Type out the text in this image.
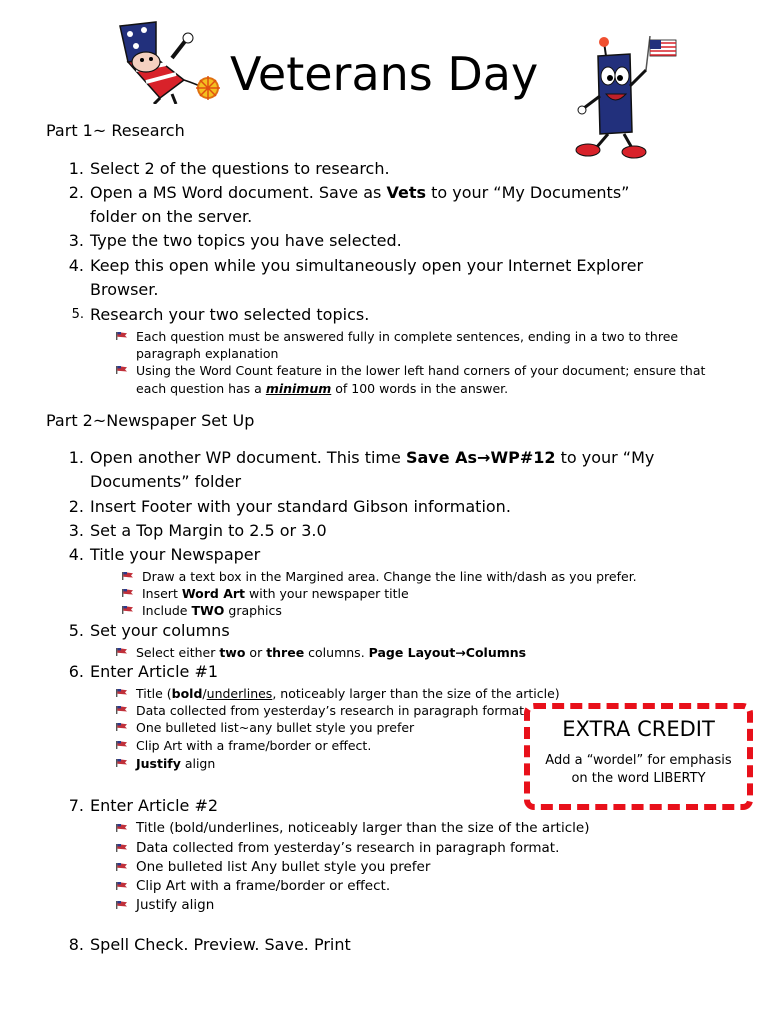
Veterans Day
Part 1~ Research
1. Select 2 of the questions to research.
2. Open a MS Word document. Save as Vets to your “My Documents”
folder on the server.
3. Type the two topics you have selected.
4. Keep this open while you simultaneously open your Internet Explorer
Browser.
5. Research your two selected topics.
Each question must be answered fully in complete sentences, ending in a two to three
paragraph explanation
Using the Word Count feature in the lower left hand corners of your document; ensure that
each question has a minimum of 100 words in the answer.
Part 2~Newspaper Set Up
1. Open another WP document. This time Save As→WP#12 to your “My
Documents” folder
2. Insert Footer with your standard Gibson information.
3. Set a Top Margin to 2.5 or 3.0
4. Title your Newspaper
Draw a text box in the Margined area. Change the line with/dash as you prefer.
Insert Word Art with your newspaper title
Include TWO graphics
5. Set your columns
Select either two or three columns. Page Layout→Columns
6. Enter Article #1
Title (bold/underlines, noticeably larger than the size of the article)
Data collected from yesterday’s research in paragraph format
One bulleted list~any bullet style you prefer
Clip Art with a frame/border or effect.
Justify align
EXTRA CREDIT
Add a “wordel” for emphasis
on the word LIBERTY
7. Enter Article #2
Title (bold/underlines, noticeably larger than the size of the article)
Data collected from yesterday’s research in paragraph format.
One bulleted list Any bullet style you prefer
Clip Art with a frame/border or effect.
Justify align
8. Spell Check. Preview. Save. Print
